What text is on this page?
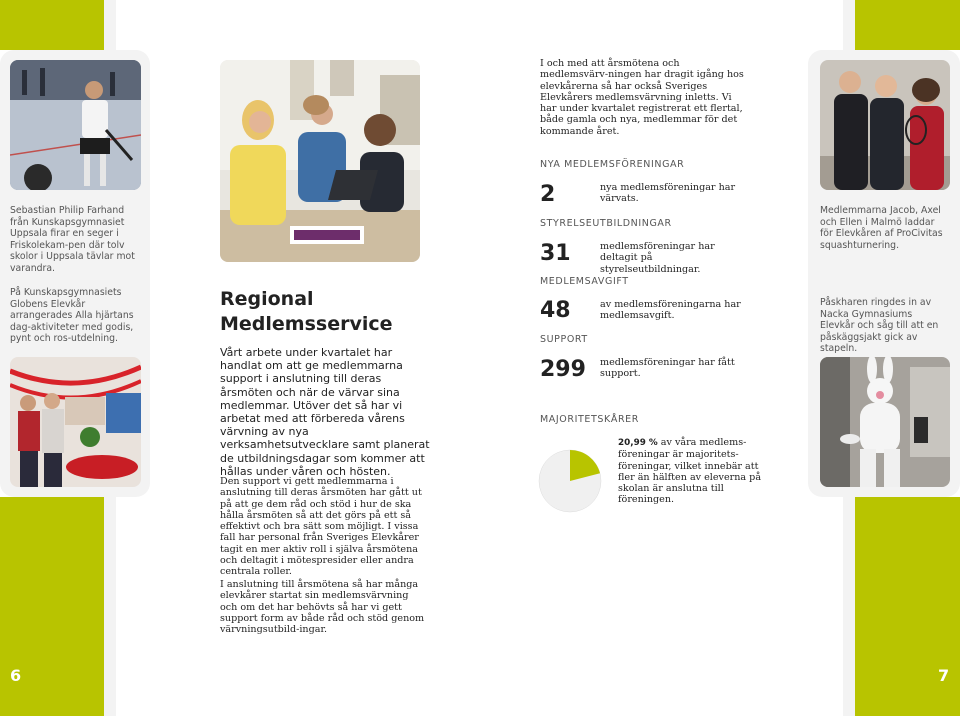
6	7
Sebastian Philip Farhand från Kunskapsgymnasiet Uppsala firar en seger i Friskolekam-pen där tolv skolor i Uppsala tävlar mot varandra.
På Kunskapsgymnasiets Globens Elevkår arrangerades Alla hjärtans dag-aktiviteter med godis, pynt och ros-utdelning.
Regional
Medlemsservice
Vårt arbete under kvartalet har handlat om att ge medlemmarna support i anslutning till deras årsmöten och när de värvar sina medlemmar. Utöver det så har vi arbetat med att förbereda vårens värvning av nya verksamhetsutvecklare samt planerat de utbildningsdagar som kommer att hållas under våren och hösten.
Den support vi gett medlemmarna i anslutning till deras årsmöten har gått ut på att ge dem råd och stöd i hur de ska hålla årsmöten så att det görs på ett så effektivt och bra sätt som möjligt. I vissa fall har personal från Sveriges Elevkårer tagit en mer aktiv roll i själva årsmötena och deltagit i mötespresider eller andra centrala roller.
I anslutning till årsmötena så har många elevkårer startat sin medlemsvärvning och om det har behövts så har vi gett support form av både råd och stöd genom värvningsutbild-ingar.
I och med att årsmötena och medlemsvärv-ningen har dragit igång hos elevkårerna så har också Sveriges Elevkårers medlemsvärvning inletts. Vi har under kvartalet registrerat ett flertal, både gamla och nya, medlemmar för det kommande året.
NYA MEDLEMSFÖRENINGAR
2	nya medlemsföreningar har värvats.
STYRELSEUTBILDNINGAR
31	medlemsföreningar har deltagit på styrelseutbildningar.
MEDLEMSAVGIFT
48	av medlemsföreningarna har medlemsavgift.
SUPPORT
299 medlemsföreningar har fått support.
MAJORITETSKÅRER
20,99 % av våra medlems-föreningar är majoritets-föreningar, vilket innebär att fler än hälften av eleverna på skolan är anslutna till föreningen.
Medlemmarna Jacob, Axel och Ellen i Malmö laddar för Elevkåren af ProCivitas squashturnering.
Påskharen ringdes in av Nacka Gymnasiums Elevkår och såg till att en påskäggsjakt gick av stapeln.
